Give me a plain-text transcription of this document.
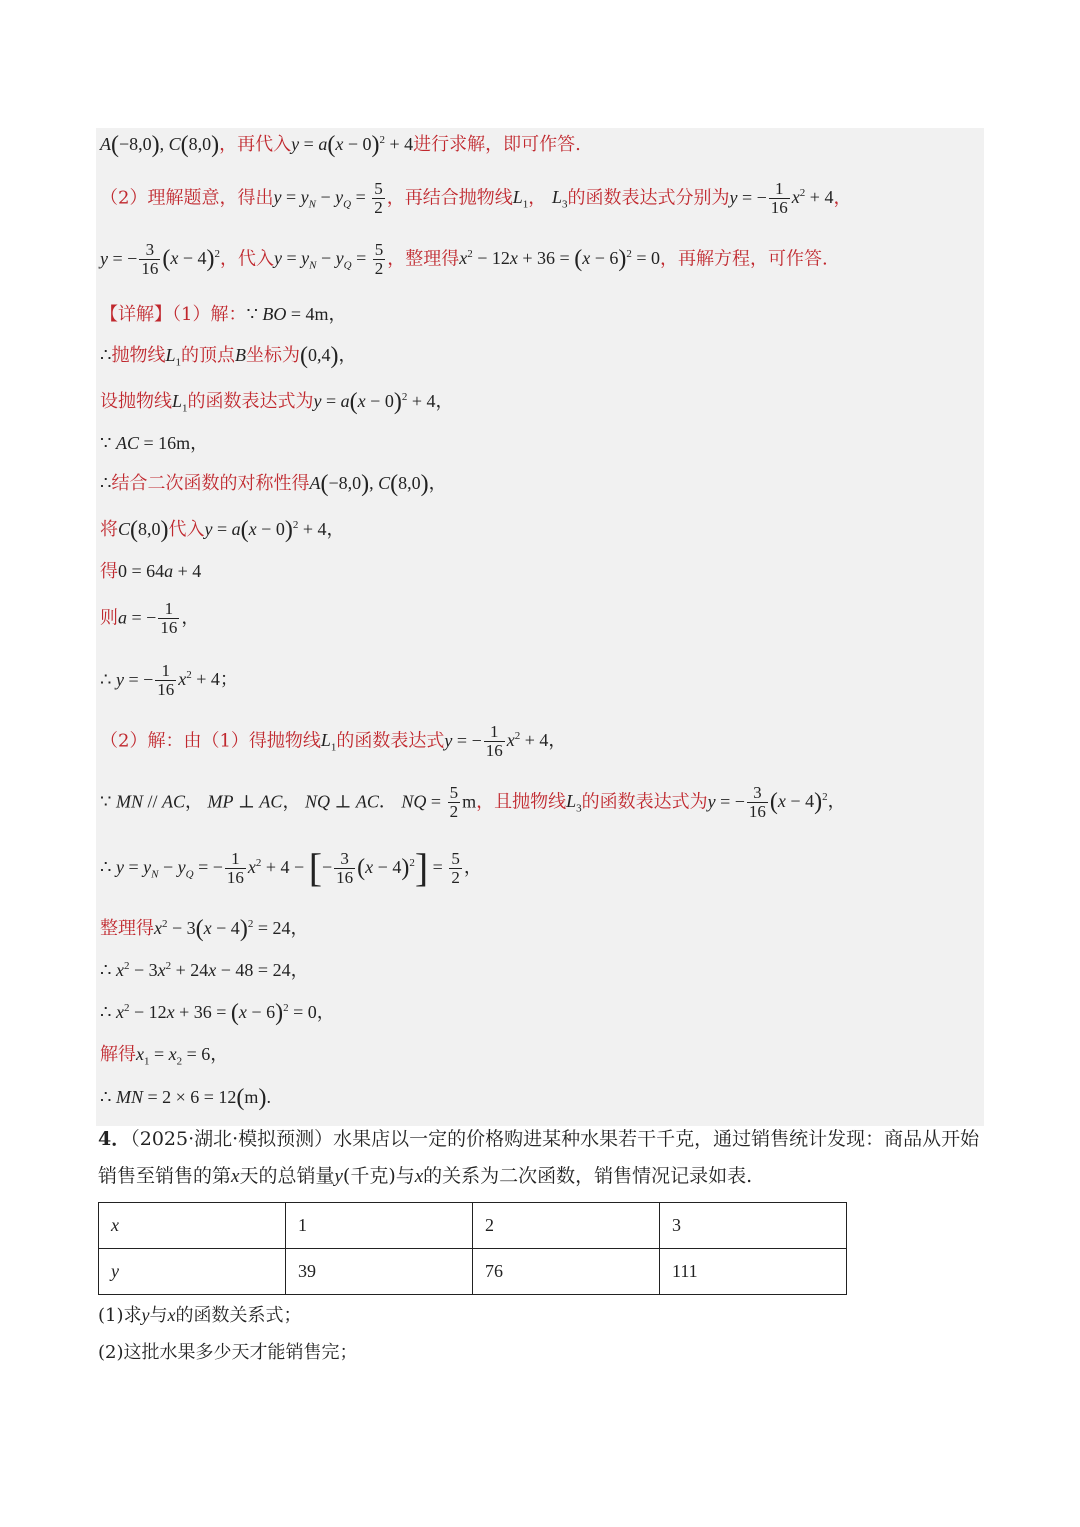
A(−8,0), C(8,0)，再代入$y = a(x - 0)^2 + 4$进行求解，即可作答.
（2）理解题意，得出$y = y_N - y_Q = \frac{5}{2}$ ，再结合抛物线$L_1$， $L_3$的函数表达式分别为y = − $\frac{1}{16} x^2 + 4$，
y = − $\frac{3}{16} (x - 4)^2$，代入$y = y_N - y_Q = \frac{5}{2}$ ，整理得$x^2 - 12x + 36 = (x - 6)^2 = 0$，再解方程，可作答.
【详解】（1）解：∵ BO = 4m，
∴抛物线$L_1$的顶点B坐标为(0,4)，
设抛物线$L_1$的函数表达式为$y = a(x - 0)^2 + 4$，
∵ AC = 16m，
∴结合二次函数的对称性得A(−8,0), C(8,0)，
将C(8,0)代入$y = a(x - 0)^2 + 4$，
得0 = 64a + 4
则a = − $\frac{1}{16}$ ，
∴ y = − $\frac{1}{16} x^2 + 4$；
（2）解：由（1）得抛物线$L_1$的函数表达式y = − $\frac{1}{16} x^2 + 4$，
∵ MN // AC， MP ⊥ AC， NQ ⊥ AC． NQ = $\frac{5}{2}$ m，且抛物线$L_3$的函数表达式为y = − $\frac{3}{16} (x - 4)^2$，
∴ $y = y_N - y_Q$ = − $\frac{1}{16} x^2 + 4$ − [− $\frac{3}{16} (x - 4)^2] = \frac{5}{2}$ ，
整理得$x^2 - 3(x - 4)^2 = 24$，
∴ $x^2 - 3x^2 + 24x - 48 = 24$，
∴ $x^2 - 12x + 36 = (x - 6)^2 = 0$，
解得$x_1 = x_2 = 6$，
∴ MN = 2 × 6 = 12(m).
4．（2025·湖北·模拟预测）水果店以一定的价格购进某种水果若干千克，通过销售统计发现：商品从开始
销售至销售的第x天的总销量y(千克)与x的关系为二次函数，销售情况记录如表.
x	1	2	3
y	39	76	111
(1)求y与x的函数关系式；
(2)这批水果多少天才能销售完；
